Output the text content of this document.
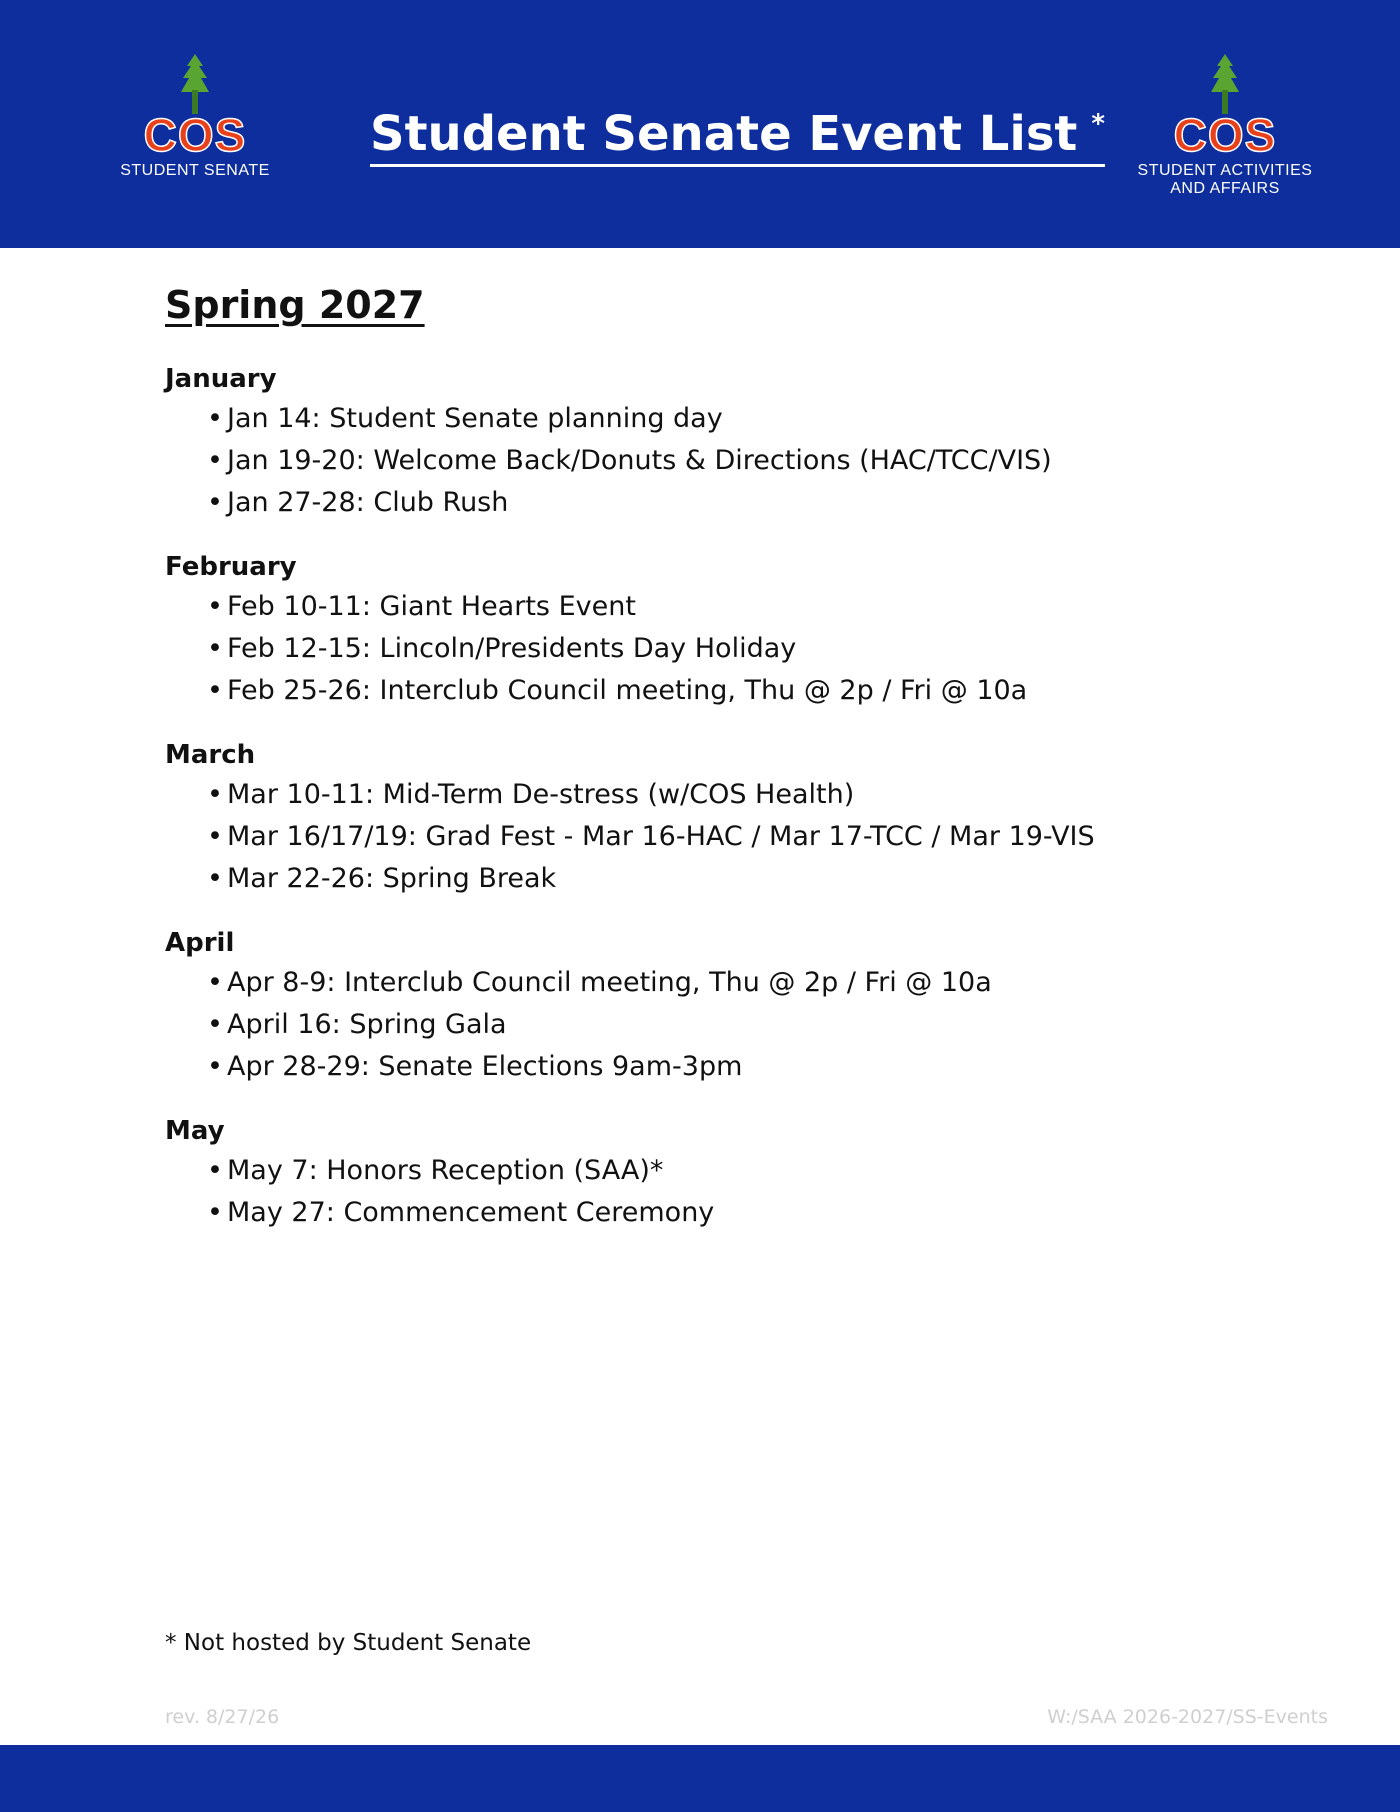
COS
STUDENT SENATE
Student Senate Event List *	COS
STUDENT ACTIVITIES
AND AFFAIRS
Spring 2027

January

• Jan 14: Student Senate planning day
• Jan 19-20: Welcome Back/Donuts & Directions (HAC/TCC/VIS)
• Jan 27-28: Club Rush

February

• Feb 10-11: Giant Hearts Event
• Feb 12-15: Lincoln/Presidents Day Holiday
• Feb 25-26: Interclub Council meeting, Thu @ 2p / Fri @ 10a

March

• Mar 10-11: Mid-Term De-stress (w/COS Health)
• Mar 16/17/19: Grad Fest - Mar 16-HAC / Mar 17-TCC / Mar 19-VIS
• Mar 22-26: Spring Break

April

• Apr 8-9: Interclub Council meeting, Thu @ 2p / Fri @ 10a
• April 16: Spring Gala
• Apr 28-29: Senate Elections 9am-3pm

May

• May 7: Honors Reception (SAA)*
• May 27: Commencement Ceremony
* Not hosted by Student Senate
rev. 8/27/26	W:/SAA 2026-2027/SS-Events
